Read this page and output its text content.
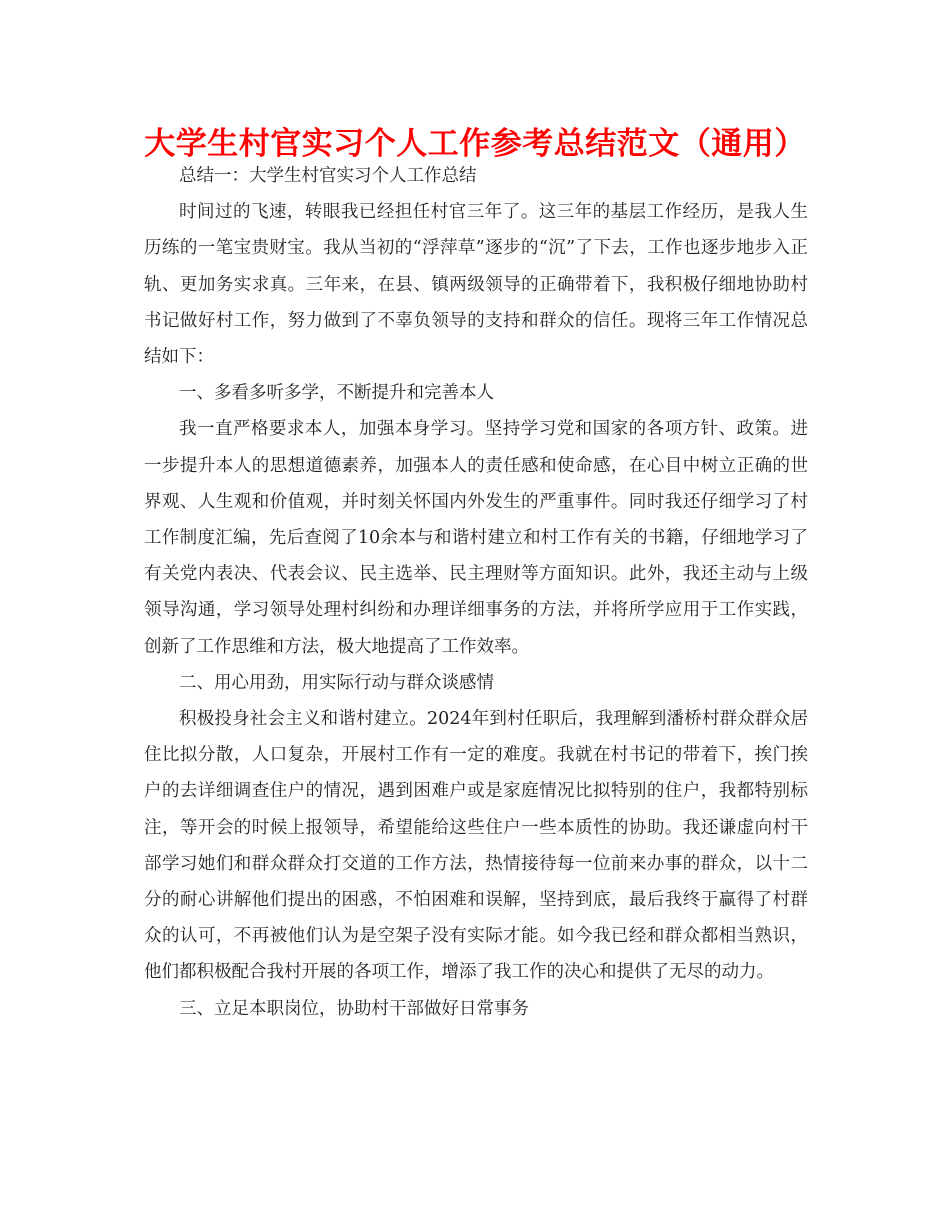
大学生村官实习个人工作参考总结范文（通用）

总结一：大学生村官实习个人工作总结

时间过的飞速，转眼我已经担任村官三年了。这三年的基层工作经历，是我人生历练的一笔宝贵财宝。我从当初的“浮萍草”逐步的“沉”了下去，工作也逐步地步入正轨、更加务实求真。三年来，在县、镇两级领导的正确带着下，我积极仔细地协助村书记做好村工作，努力做到了不辜负领导的支持和群众的信任。现将三年工作情况总结如下：

一、多看多听多学，不断提升和完善本人

我一直严格要求本人，加强本身学习。坚持学习党和国家的各项方针、政策。进一步提升本人的思想道德素养，加强本人的责任感和使命感，在心目中树立正确的世界观、人生观和价值观，并时刻关怀国内外发生的严重事件。同时我还仔细学习了村工作制度汇编，先后查阅了10余本与和谐村建立和村工作有关的书籍，仔细地学习了有关党内表决、代表会议、民主选举、民主理财等方面知识。此外，我还主动与上级领导沟通，学习领导处理村纠纷和办理详细事务的方法，并将所学应用于工作实践，创新了工作思维和方法，极大地提高了工作效率。

二、用心用劲，用实际行动与群众谈感情

积极投身社会主义和谐村建立。2024年到村任职后，我理解到潘桥村群众群众居住比拟分散，人口复杂，开展村工作有一定的难度。我就在村书记的带着下，挨门挨户的去详细调查住户的情况，遇到困难户或是家庭情况比拟特别的住户，我都特别标注，等开会的时候上报领导，希望能给这些住户一些本质性的协助。我还谦虚向村干部学习她们和群众群众打交道的工作方法，热情接待每一位前来办事的群众，以十二分的耐心讲解他们提出的困惑，不怕困难和误解，坚持到底，最后我终于赢得了村群众的认可，不再被他们认为是空架子没有实际才能。如今我已经和群众都相当熟识，他们都积极配合我村开展的各项工作，增添了我工作的决心和提供了无尽的动力。

三、立足本职岗位，协助村干部做好日常事务
